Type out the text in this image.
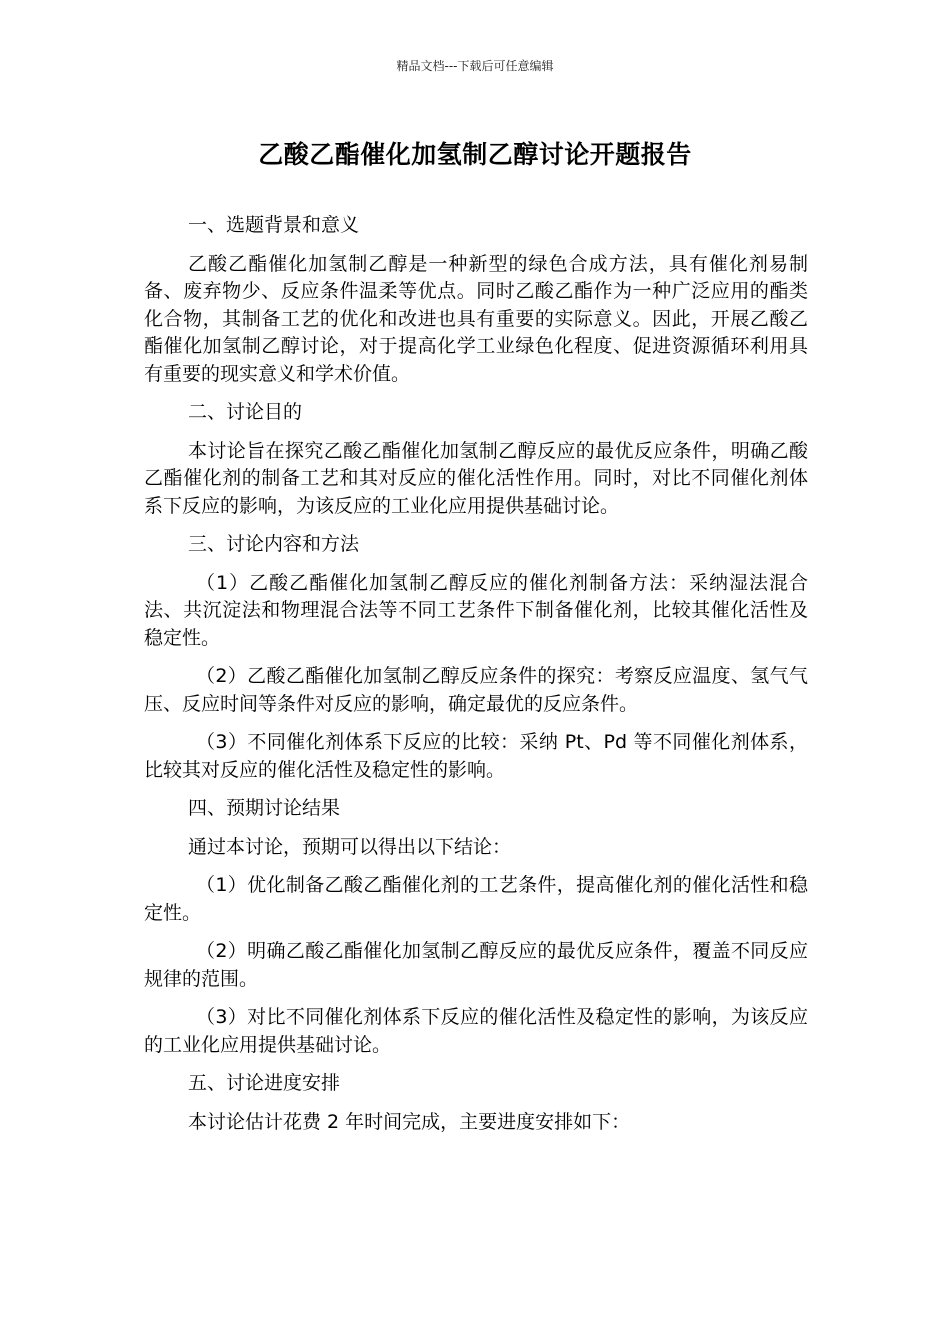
精品文档---下载后可任意编辑
乙酸乙酯催化加氢制乙醇讨论开题报告

一、选题背景和意义

乙酸乙酯催化加氢制乙醇是一种新型的绿色合成方法，具有催化剂易制备、废弃物少、反应条件温柔等优点。同时乙酸乙酯作为一种广泛应用的酯类化合物，其制备工艺的优化和改进也具有重要的实际意义。因此，开展乙酸乙酯催化加氢制乙醇讨论，对于提高化学工业绿色化程度、促进资源循环利用具有重要的现实意义和学术价值。

二、讨论目的

本讨论旨在探究乙酸乙酯催化加氢制乙醇反应的最优反应条件，明确乙酸乙酯催化剂的制备工艺和其对反应的催化活性作用。同时，对比不同催化剂体系下反应的影响，为该反应的工业化应用提供基础讨论。

三、讨论内容和方法

（1）乙酸乙酯催化加氢制乙醇反应的催化剂制备方法：采纳湿法混合法、共沉淀法和物理混合法等不同工艺条件下制备催化剂，比较其催化活性及稳定性。

（2）乙酸乙酯催化加氢制乙醇反应条件的探究：考察反应温度、氢气气压、反应时间等条件对反应的影响，确定最优的反应条件。

（3）不同催化剂体系下反应的比较：采纳 Pt、Pd 等不同催化剂体系，比较其对反应的催化活性及稳定性的影响。

四、预期讨论结果

通过本讨论，预期可以得出以下结论：

（1）优化制备乙酸乙酯催化剂的工艺条件，提高催化剂的催化活性和稳定性。

（2）明确乙酸乙酯催化加氢制乙醇反应的最优反应条件，覆盖不同反应规律的范围。

（3）对比不同催化剂体系下反应的催化活性及稳定性的影响，为该反应的工业化应用提供基础讨论。

五、讨论进度安排

本讨论估计花费 2 年时间完成，主要进度安排如下：
